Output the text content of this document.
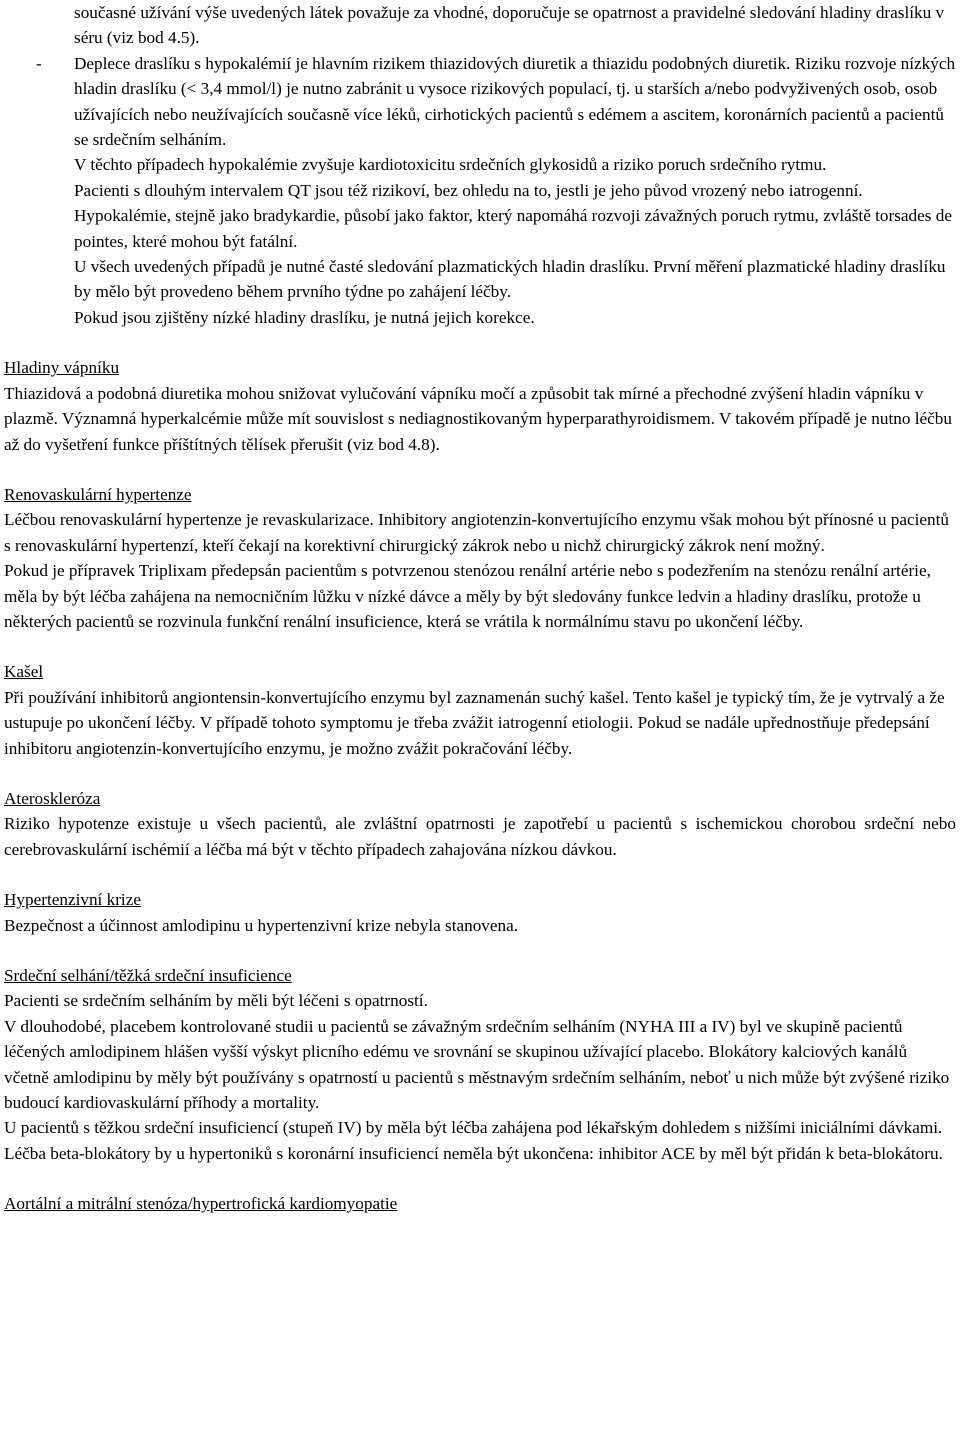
současné užívání výše uvedených látek považuje za vhodné, doporučuje se opatrnost a pravidelné sledování hladiny draslíku v séru (viz bod 4.5).

- Deplece draslíku s hypokalémií je hlavním rizikem thiazidových diuretik a thiazidu podobných diuretik. Riziku rozvoje nízkých hladin draslíku (< 3,4 mmol/l) je nutno zabránit u vysoce rizikových populací, tj. u starších a/nebo podvyživených osob, osob užívajících nebo neužívajících současně více léků, cirhotických pacientů s edémem a ascitem, koronárních pacientů a pacientů se srdečním selháním.

V těchto případech hypokalémie zvyšuje kardiotoxicitu srdečních glykosidů a riziko poruch srdečního rytmu.

Pacienti s dlouhým intervalem QT jsou též rizikoví, bez ohledu na to, jestli je jeho původ vrozený nebo iatrogenní. Hypokalémie, stejně jako bradykardie, působí jako faktor, který napomáhá rozvoji závažných poruch rytmu, zvláště torsades de pointes, které mohou být fatální.

U všech uvedených případů je nutné časté sledování plazmatických hladin draslíku. První měření plazmatické hladiny draslíku by mělo být provedeno během prvního týdne po zahájení léčby.

Pokud jsou zjištěny nízké hladiny draslíku, je nutná jejich korekce.

Hladiny vápníku

Thiazidová a podobná diuretika mohou snižovat vylučování vápníku močí a způsobit tak mírné a přechodné zvýšení hladin vápníku v plazmě. Významná hyperkalcémie může mít souvislost s nediagnostikovaným hyperparathyroidismem. V takovém případě je nutno léčbu až do vyšetření funkce příštítných tělísek přerušit (viz bod 4.8).

Renovaskulární hypertenze

Léčbou renovaskulární hypertenze je revaskularizace. Inhibitory angiotenzin-konvertujícího enzymu však mohou být přínosné u pacientů s renovaskulární hypertenzí, kteří čekají na korektivní chirurgický zákrok nebo u nichž chirurgický zákrok není možný.

Pokud je přípravek Triplixam předepsán pacientům s potvrzenou stenózou renální artérie nebo s podezřením na stenózu renální artérie, měla by být léčba zahájena na nemocničním lůžku v nízké dávce a měly by být sledovány funkce ledvin a hladiny draslíku, protože u některých pacientů se rozvinula funkční renální insuficience, která se vrátila k normálnímu stavu po ukončení léčby.

Kašel

Při používání inhibitorů angiontensin-konvertujícího enzymu byl zaznamenán suchý kašel. Tento kašel je typický tím, že je vytrvalý a že ustupuje po ukončení léčby. V případě tohoto symptomu je třeba zvážit iatrogenní etiologii. Pokud se nadále upřednostňuje předepsání inhibitoru angiotenzin-konvertujícího enzymu, je možno zvážit pokračování léčby.

Ateroskleróza

Riziko hypotenze existuje u všech pacientů, ale zvláštní opatrnosti je zapotřebí u pacientů s ischemickou chorobou srdeční nebo cerebrovaskulární ischémií a léčba má být v těchto případech zahajována nízkou dávkou.

Hypertenzivní krize

Bezpečnost a účinnost amlodipinu u hypertenzivní krize nebyla stanovena.

Srdeční selhání/těžká srdeční insuficience

Pacienti se srdečním selháním by měli být léčeni s opatrností.

V dlouhodobé, placebem kontrolované studii u pacientů se závažným srdečním selháním (NYHA III a IV) byl ve skupině pacientů léčených amlodipinem hlášen vyšší výskyt plicního edému ve srovnání se skupinou užívající placebo. Blokátory kalciových kanálů včetně amlodipinu by měly být používány s opatrností u pacientů s městnavým srdečním selháním, neboť u nich může být zvýšené riziko budoucí kardiovaskulární příhody a mortality.

U pacientů s těžkou srdeční insuficiencí (stupeň IV) by měla být léčba zahájena pod lékařským dohledem s nižšími iniciálními dávkami. Léčba beta-blokátory by u hypertoniků s koronární insuficiencí neměla být ukončena: inhibitor ACE by měl být přidán k beta-blokátoru.

Aortální a mitrální stenóza/hypertrofická kardiomyopatie
